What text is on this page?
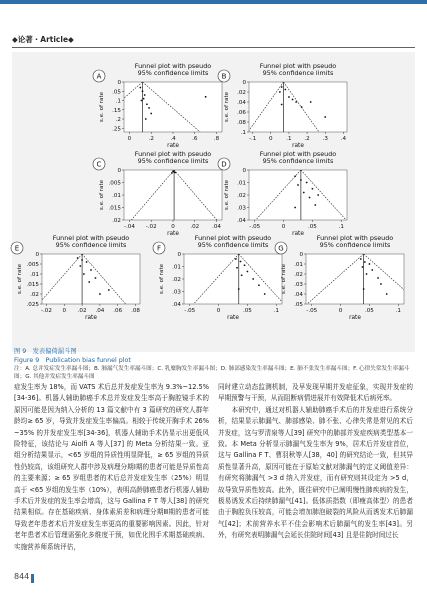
◆论著・Article◆
Funnel plot with pseudo
95% confidence limits
A
0
.05
.1
.15
.2
.25
0	.2	.4	.6	.8
rate
s.e. of rate
Funnel plot with pseudo
95% confidence limits
B
0
.02
.04
.06
.08
.1
-.1 0 .1 .2 .3 .4
rate
s.e. of rate
Funnel plot with pseudo
95% confidence limits
C
0
.005
.01
.015
.02
-.04 -.02	0	.02 .04
rate
s.e. of rate
Funnel plot with pseudo
95% confidence limits
D
0
.01
.02
.03
.04
-.05	0	.05	.1
rate
s.e. of rate
Funnel plot with pseudo
95% confidence limits
E
0
.005
.01
.015
.02
.025
-.02 0 .02 .04 .06 .08
rate
s.e. of rate
Funnel plot with pseudo
95% confidence limits
F
0
.01
.02
.03
.04
-.05	0	.05	.1
rate
s.e. of rate
Funnel plot with pseudo
95% confidence limits
G
0
.01
.02
.03
.04
.05
-.05	0	.05	.1
rate
s.e. of rate
图 9　发表偏倚漏斗图
Figure 9　Publication bias funnel plot
注：A. 总并发症发生率漏斗图；B. 肺漏气发生率漏斗图；C. 乳糜胸发生率漏斗图；D. 肺部感染发生率漏斗图；E. 肺不张发生率漏斗图；F. 心律失常发生率漏斗图；G. 其他并发症发生率漏斗图

症发生率为 18%，而 VATS 术后总并发症发生率为 9.3%~12.5%[34-36]。机器人辅助肺癌手术总并发症发生率高于胸腔镜手术的原因可能是因为纳入分析的 13 篇文献中有 3 篇研究的研究人群年龄均≥ 65 岁，导致并发症发生率偏高。相较于传统开胸手术 26%~35% 的并发症发生率[34-36]，机器人辅助手术仍显示出更低风险特征，该结论与 Aiolfi A 等人[37] 的 Meta 分析结果一致。亚组分析结果显示，<65 岁组的异质性明显降低，≥ 65 岁组的异质性仍较高，该组研究人群中涉及病理分期Ⅰ期的患者可能是异质性高的主要来源；≥ 65 岁组患者的术后总并发症发生率（25%）明显高于 <65 岁组的发生率（10%），表明高龄肺癌患者行机器人辅助手术后并发症的发生率会增高，这与 Gallina F T 等人[38] 的研究结果相似。存在基础疾病、身体素质差和病理分期Ⅲ期的患者可能导致老年患者术后并发症发生率更高的重要影响因素。因此，针对老年患者术后管理需强化多维度干预，如优化围手术期基础疾病、实施营养师系统评估，

同时建立动态监测机制，及早发现早期并发症征象，实现并发症的早期预警与干预，从而阻断病情进展并有效降低术后病死率。
　　本研究中，通过对机器人辅助肺癌手术后的并发症进行系统分析，结果显示肺漏气、肺部感染、肺不张、心律失常是常见的术后并发症，这与罗清泉等人[39] 研究中的肺部并发症疾病类型基本一致。本 Meta 分析显示肺漏气发生率为 9%，居术后并发症首位，这与 Gallina F T、曹羽秋等人[38，40] 的研究结论一致，但其异质性显著升高，原因可能在于原始文献对肺漏气的定义阈值差异：有研究将肺漏气 >3 d 纳入并发症，而有研究则其设定为 >5 d，故导致异质性较高。此外，既往研究中已阐明慢性肺疾病的发生，极易诱发术后持续肺漏气[41]。低体质指数（即瘦高体型）的患者由于胸腔负压较高，可能会增加肺泡破裂的风险从而诱发术后肺漏气[42]；术前营养水平不佳会影响术后肺漏气的发生率[43]。另外，有研究表明肺漏气会延长住院时间[43] 且是住院时间过长

844
